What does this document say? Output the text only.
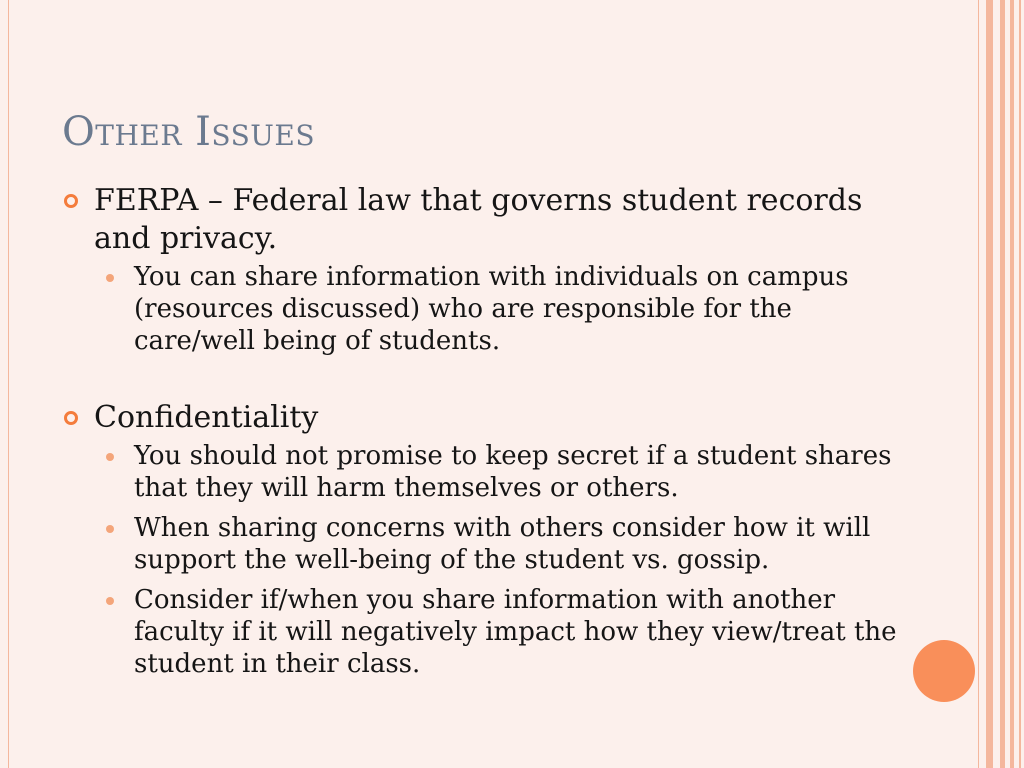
Other Issues
FERPA – Federal law that governs student records and privacy.
You can share information with individuals on campus (resources discussed) who are responsible for the care/well being of students.
Confidentiality
You should not promise to keep secret if a student shares that they will harm themselves or others.
When sharing concerns with others consider how it will support the well-being of the student vs. gossip.
Consider if/when you share information with another faculty if it will negatively impact how they view/treat the student in their class.
